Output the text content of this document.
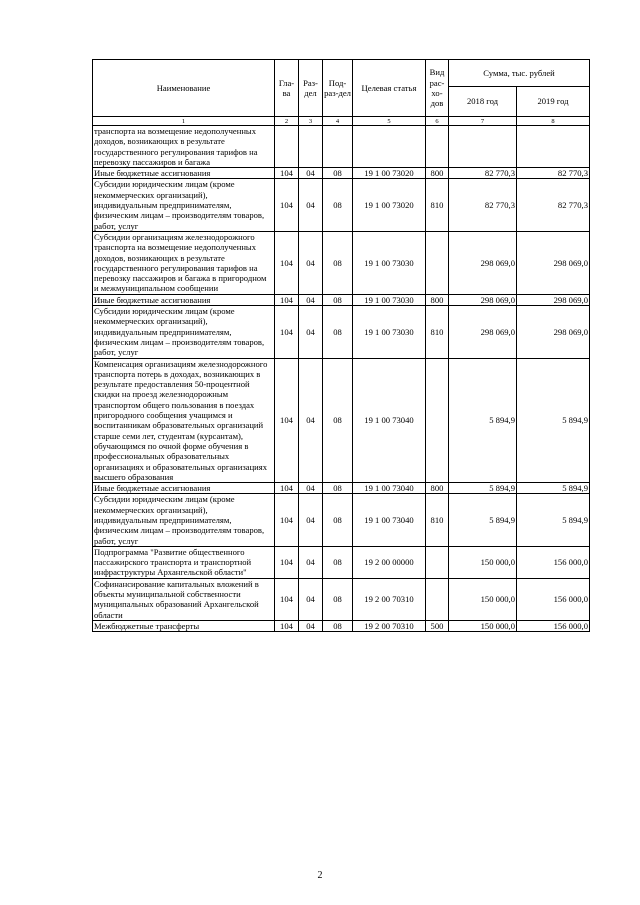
Наименование	Гла-ва	Раз-дел	Под-раз-дел	Целевая статья	Вид рас-хо-дов	Сумма, тыс. рублей	
						2018 год	2019 год
1	2	3	4	5	6	7	8
транспорта на возмещение недополученных доходов, возникающих в результате государственного регулирования тарифов на перевозку пассажиров и багажа							
Иные бюджетные ассигнования	104	04	08	19 1 00 73020	800	82 770,3	82 770,3
Субсидии юридическим лицам (кроме некоммерческих организаций), индивидуальным предпринимателям, физическим лицам – производителям товаров, работ, услуг	104	04	08	19 1 00 73020	810	82 770,3	82 770,3
Субсидии организациям железнодорожного транспорта на возмещение недополученных доходов, возникающих в результате государственного регулирования тарифов на перевозку пассажиров и багажа в пригородном и межмуниципальном сообщении	104	04	08	19 1 00 73030		298 069,0	298 069,0
Иные бюджетные ассигнования	104	04	08	19 1 00 73030	800	298 069,0	298 069,0
Субсидии юридическим лицам (кроме некоммерческих организаций), индивидуальным предпринимателям, физическим лицам – производителям товаров, работ, услуг	104	04	08	19 1 00 73030	810	298 069,0	298 069,0
Компенсация организациям железнодорожного транспорта потерь в доходах, возникающих в результате предоставления 50-процентной скидки на проезд железнодорожным транспортом общего пользования в поездах пригородного сообщения учащимся и воспитанникам образовательных организаций старше семи лет, студентам (курсантам), обучающимся по очной форме обучения в профессиональных образовательных организациях и образовательных организациях высшего образования	104	04	08	19 1 00 73040		5 894,9	5 894,9
Иные бюджетные ассигнования	104	04	08	19 1 00 73040	800	5 894,9	5 894,9
Субсидии юридическим лицам (кроме некоммерческих организаций), индивидуальным предпринимателям, физическим лицам – производителям товаров, работ, услуг	104	04	08	19 1 00 73040	810	5 894,9	5 894,9
Подпрограмма "Развитие общественного пассажирского транспорта и транспортной инфраструктуры Архангельской области"	104	04	08	19 2 00 00000		150 000,0	156 000,0
Софинансирование капитальных вложений в объекты муниципальной собственности муниципальных образований Архангельской области	104	04	08	19 2 00 70310		150 000,0	156 000,0
Межбюджетные трансферты	104	04	08	19 2 00 70310	500	150 000,0	156 000,0
2
